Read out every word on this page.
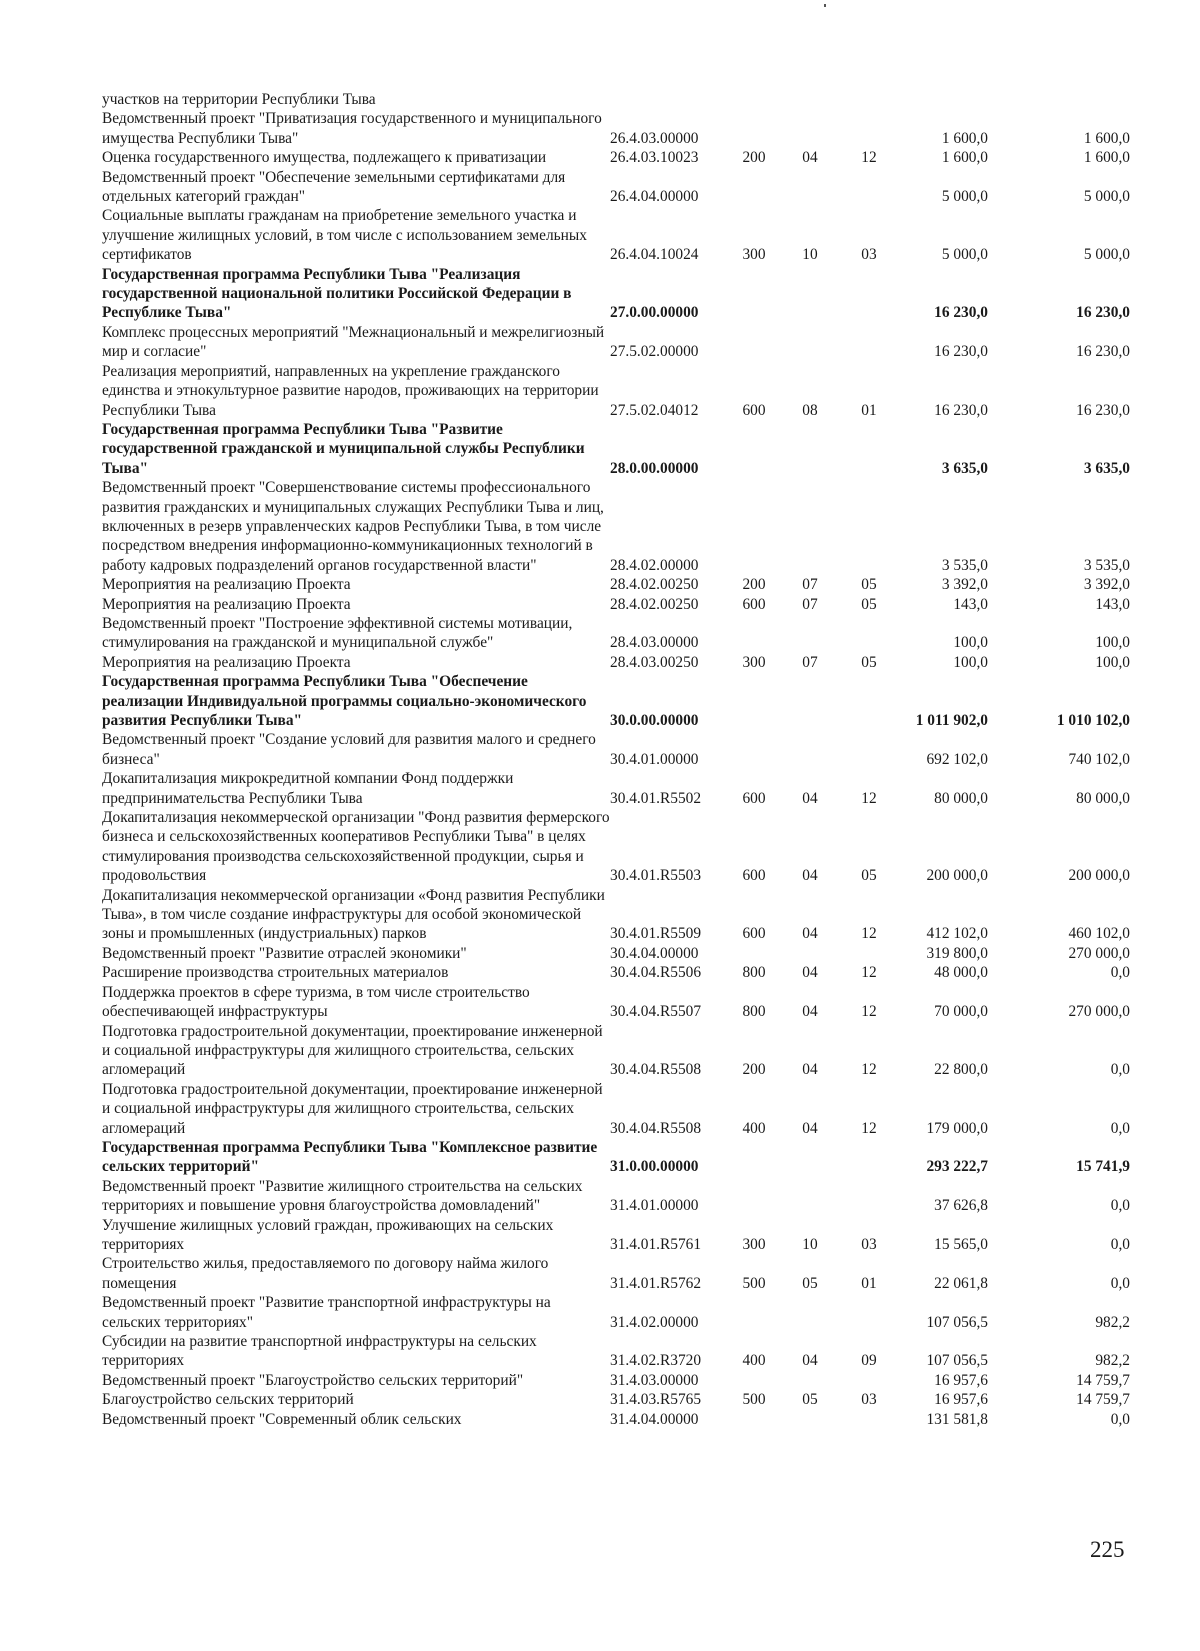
участков на территории Республики Тыва						
Ведомственный проект "Приватизация государственного и муниципального имущества Республики Тыва"	26.4.03.00000				1 600,0	1 600,0
Оценка государственного имущества, подлежащего к приватизации	26.4.03.10023	200	04	12	1 600,0	1 600,0
Ведомственный проект "Обеспечение земельными сертификатами для отдельных категорий граждан"	26.4.04.00000				5 000,0	5 000,0
Социальные выплаты гражданам на приобретение земельного участка и улучшение жилищных условий, в том числе с использованием земельных сертификатов	26.4.04.10024	300	10	03	5 000,0	5 000,0
Государственная программа Республики Тыва "Реализация государственной национальной политики Российской Федерации в Республике Тыва"	27.0.00.00000				16 230,0	16 230,0
Комплекс процессных мероприятий "Межнациональный и межрелигиозный мир и согласие"	27.5.02.00000				16 230,0	16 230,0
Реализация мероприятий, направленных на укрепление гражданского единства и этнокультурное развитие народов, проживающих на территории Республики Тыва	27.5.02.04012	600	08	01	16 230,0	16 230,0
Государственная программа Республики Тыва "Развитие государственной гражданской и муниципальной службы Республики Тыва"	28.0.00.00000				3 635,0	3 635,0
Ведомственный проект "Совершенствование системы профессионального развития гражданских и муниципальных служащих Республики Тыва и лиц, включенных в резерв управленческих кадров Республики Тыва, в том числе посредством внедрения информационно-коммуникационных технологий в работу кадровых подразделений органов государственной власти"	28.4.02.00000				3 535,0	3 535,0
Мероприятия на реализацию Проекта	28.4.02.00250	200	07	05	3 392,0	3 392,0
Мероприятия на реализацию Проекта	28.4.02.00250	600	07	05	143,0	143,0
Ведомственный проект "Построение эффективной системы мотивации, стимулирования на гражданской и муниципальной службе"	28.4.03.00000				100,0	100,0
Мероприятия на реализацию Проекта	28.4.03.00250	300	07	05	100,0	100,0
Государственная программа Республики Тыва "Обеспечение реализации Индивидуальной программы социально-экономического развития Республики Тыва"	30.0.00.00000				1 011 902,0	1 010 102,0
Ведомственный проект "Создание условий для развития малого и среднего бизнеса"	30.4.01.00000				692 102,0	740 102,0
Докапитализация микрокредитной компании Фонд поддержки предпринимательства Республики Тыва	30.4.01.R5502	600	04	12	80 000,0	80 000,0
Докапитализация некоммерческой организации "Фонд развития фермерского бизнеса и сельскохозяйственных кооперативов Республики Тыва" в целях стимулирования производства сельскохозяйственной продукции, сырья и продовольствия	30.4.01.R5503	600	04	05	200 000,0	200 000,0
Докапитализация некоммерческой организации «Фонд развития Республики Тыва», в том числе создание инфраструктуры для особой экономической зоны и промышленных (индустриальных) парков	30.4.01.R5509	600	04	12	412 102,0	460 102,0
Ведомственный проект "Развитие отраслей экономики"	30.4.04.00000				319 800,0	270 000,0
Расширение производства строительных материалов	30.4.04.R5506	800	04	12	48 000,0	0,0
Поддержка проектов в сфере туризма, в том числе строительство обеспечивающей инфраструктуры	30.4.04.R5507	800	04	12	70 000,0	270 000,0
Подготовка градостроительной документации, проектирование инженерной и социальной инфраструктуры для жилищного строительства, сельских агломераций	30.4.04.R5508	200	04	12	22 800,0	0,0
Подготовка градостроительной документации, проектирование инженерной и социальной инфраструктуры для жилищного строительства, сельских агломераций	30.4.04.R5508	400	04	12	179 000,0	0,0
Государственная программа Республики Тыва "Комплексное развитие сельских территорий"	31.0.00.00000				293 222,7	15 741,9
Ведомственный проект "Развитие жилищного строительства на сельских территориях и повышение уровня благоустройства домовладений"	31.4.01.00000				37 626,8	0,0
Улучшение жилищных условий граждан, проживающих на сельских территориях	31.4.01.R5761	300	10	03	15 565,0	0,0
Строительство жилья, предоставляемого по договору найма жилого помещения	31.4.01.R5762	500	05	01	22 061,8	0,0
Ведомственный проект "Развитие транспортной инфраструктуры на сельских территориях"	31.4.02.00000				107 056,5	982,2
Субсидии на развитие транспортной инфраструктуры на сельских территориях	31.4.02.R3720	400	04	09	107 056,5	982,2
Ведомственный проект "Благоустройство сельских территорий"	31.4.03.00000				16 957,6	14 759,7
Благоустройство сельских территорий	31.4.03.R5765	500	05	03	16 957,6	14 759,7
Ведомственный проект "Современный облик сельских	31.4.04.00000				131 581,8	0,0
225
